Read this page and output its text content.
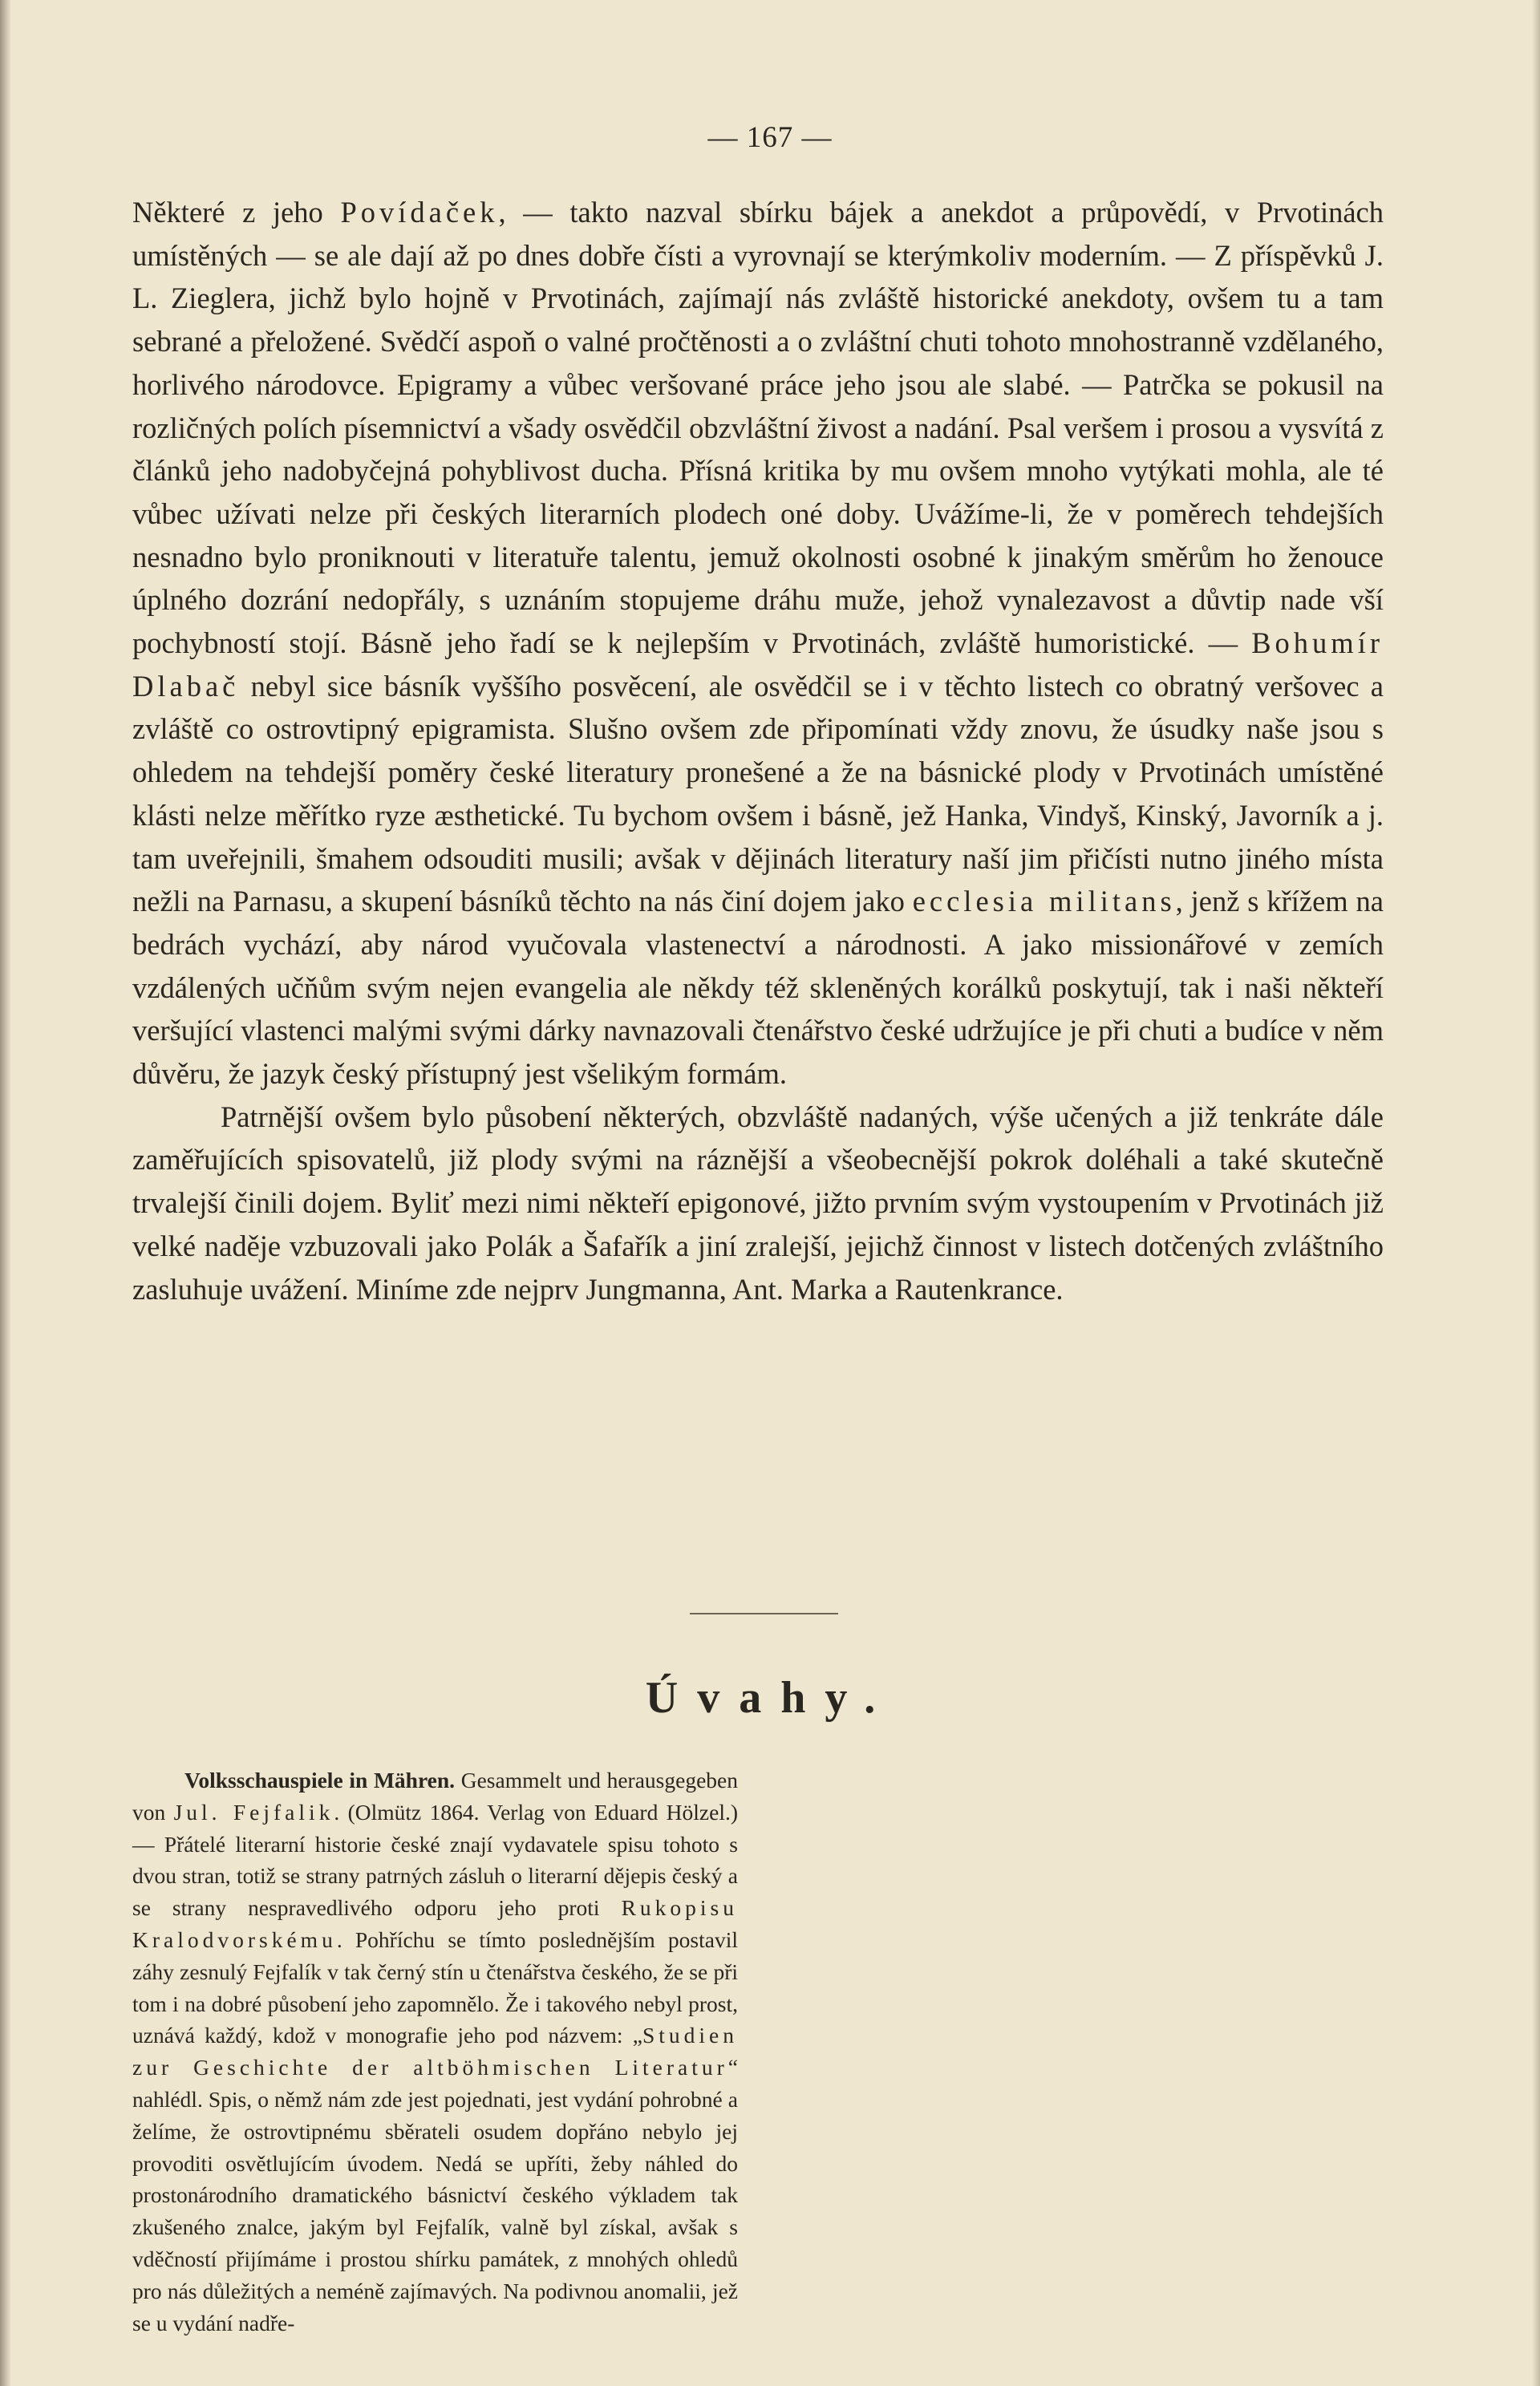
— 167 —

Některé z jeho Povídaček, — takto nazval sbírku bájek a anekdot a průpovědí, v Prvotinách umístěných — se ale dají až po dnes dobře čísti a vyrovnají se kterýmkoliv moderním. — Z příspěvků J. L. Zieglera, jichž bylo hojně v Prvotinách, zajímají nás zvláště historické anekdoty, ovšem tu a tam sebrané a přeložené. Svědčí aspoň o valné pročtěnosti a o zvláštní chuti tohoto mnohostranně vzdělaného, horlivého národovce. Epigramy a vůbec veršované práce jeho jsou ale slabé. — Patrčka se pokusil na rozličných polích písemnictví a všady osvědčil obzvláštní živost a nadání. Psal veršem i prosou a vysvítá z článků jeho nadobyčejná pohyblivost ducha. Přísná kritika by mu ovšem mnoho vytýkati mohla, ale té vůbec užívati nelze při českých literarních plodech oné doby. Uvážíme-li, že v poměrech tehdejších nesnadno bylo proniknouti v literatuře talentu, jemuž okolnosti osobné k jinakým směrům ho ženouce úplného dozrání nedopřály, s uznáním stopujeme dráhu muže, jehož vynalezavost a důvtip nade vší pochybností stojí. Básně jeho řadí se k nejlepším v Prvotinách, zvláště humoristické. — Bohumír Dlabač nebyl sice básník vyššího posvěcení, ale osvědčil se i v těchto listech co obratný veršovec a zvláště co ostrovtipný epigramista. Slušno ovšem zde připomínati vždy znovu, že úsudky naše jsou s ohledem na tehdejší poměry české literatury pronešené a že na básnické plody v Prvotinách umístěné klásti nelze měřítko ryze æsthetické. Tu bychom ovšem i básně, jež Hanka, Vindyš, Kinský, Javorník a j. tam uveřejnili, šmahem odsouditi musili; avšak v dějinách literatury naší jim přičísti nutno jiného místa nežli na Parnasu, a skupení básníků těchto na nás činí dojem jako ecclesia militans, jenž s křížem na bedrách vychází, aby národ vyučovala vlastenectví a národnosti. A jako missionářové v zemích vzdálených učňům svým nejen evangelia ale někdy též skleněných korálků poskytují, tak i naši někteří veršující vlastenci malými svými dárky navnazovali čtenářstvo české udržujíce je při chuti a budíce v něm důvěru, že jazyk český přístupný jest všelikým formám.

Patrnější ovšem bylo působení některých, obzvláště nadaných, výše učených a již tenkráte dále zaměřujících spisovatelů, již plody svými na ráznější a všeobecnější pokrok doléhali a také skutečně trvalejší činili dojem. Byliť mezi nimi někteří epigonové, jižto prvním svým vystoupením v Prvotinách již velké naděje vzbuzovali jako Polák a Šafařík a jiní zralejší, jejichž činnost v listech dotčených zvláštního zasluhuje uvážení. Miníme zde nejprv Jungmanna, Ant. Marka a Rautenkrance.

Úvahy.

Volksschauspiele in Mähren. Gesammelt und herausgegeben von Jul. Fejfalik. (Olmütz 1864. Verlag von Eduard Hölzel.) — Přátelé literarní historie české znají vydavatele spisu tohoto s dvou stran, totiž se strany patrných zásluh o literarní dějepis český a se strany nespravedlivého odporu jeho proti Rukopisu Kralodvorskému. Pohříchu se tímto poslednějším postavil záhy zesnulý Fejfalík v tak černý stín u čtenářstva českého, že se při tom i na dobré působení jeho zapomnělo. Že i takového nebyl prost, uznává každý, kdož v monografie jeho pod názvem: „Studien zur Geschichte der altböhmischen Literatur“ nahlédl. Spis, o němž nám zde jest pojednati, jest vydání pohrobné a želíme, že ostrovtipnému sběrateli osudem dopřáno nebylo jej provoditi osvětlujícím úvodem. Nedá se upříti, žeby náhled do prostonárodního dramatického básnictví českého výkladem tak zkušeného znalce, jakým byl Fejfalík, valně byl získal, avšak s vděčností přijímáme i prostou shírku památek, z mnohých ohledů pro nás důležitých a neméně zajímavých. Na podivnou anomalii, jež se u vydání nadře-
